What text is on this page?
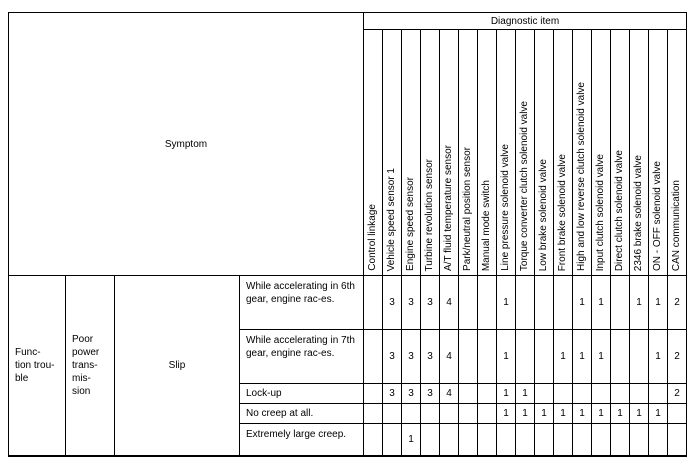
Symptom				Diagnostic item																

				Control linkage	Vehicle speed sensor 1	Engine speed sensor	Turbine revolution sensor	A/T fluid temperature sensor	Park/neutral position sensor	Manual mode switch	Line pressure solenoid valve	Torque converter clutch solenoid valve	Low brake solenoid valve	Front brake solenoid valve	High and low reverse clutch solenoid valve	Input clutch solenoid valve	Direct clutch solenoid valve	2346 brake solenoid valve	ON - OFF solenoid valve	CAN communication

Func-
tion trou-
ble	Poor
power
trans-
mis-
sion	Slip	While accelerating in 6th gear, engine rac-es.		3	3	3	4			1				1	1		1	1	2
			While accelerating in 7th gear, engine rac-es.		3	3	3	4			1			1	1	1			1	2
			Lock-up		3	3	3	4			1	1								2
			No creep at all.								1	1	1	1	1	1	1	1	1	
			Extremely large creep.			1														
